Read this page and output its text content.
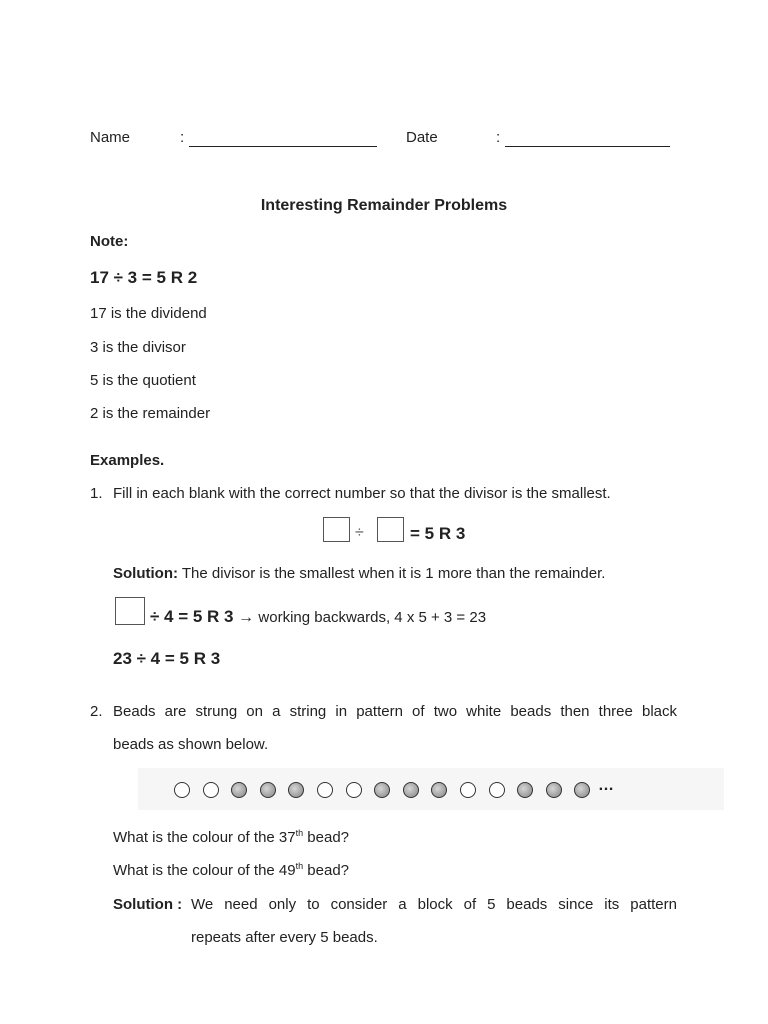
Name	:	Date	:
Interesting Remainder Problems
Note:
17 ÷ 3 = 5 R 2
17 is the dividend
3 is the divisor
5 is the quotient
2 is the remainder
Examples.
1. Fill in each blank with the correct number so that the divisor is the smallest.
÷	= 5 R 3
Solution: The divisor is the smallest when it is 1 more than the remainder.
÷ 4 = 5 R 3 → working backwards, 4 x 5 + 3 = 23
23 ÷ 4 = 5 R 3
2. Beads are strung on a string in pattern of two white beads then three black
beads as shown below.
…
What is the colour of the 37th bead?
What is the colour of the 49th bead?
Solution : We need only to consider a block of 5 beads since its pattern
repeats after every 5 beads.
